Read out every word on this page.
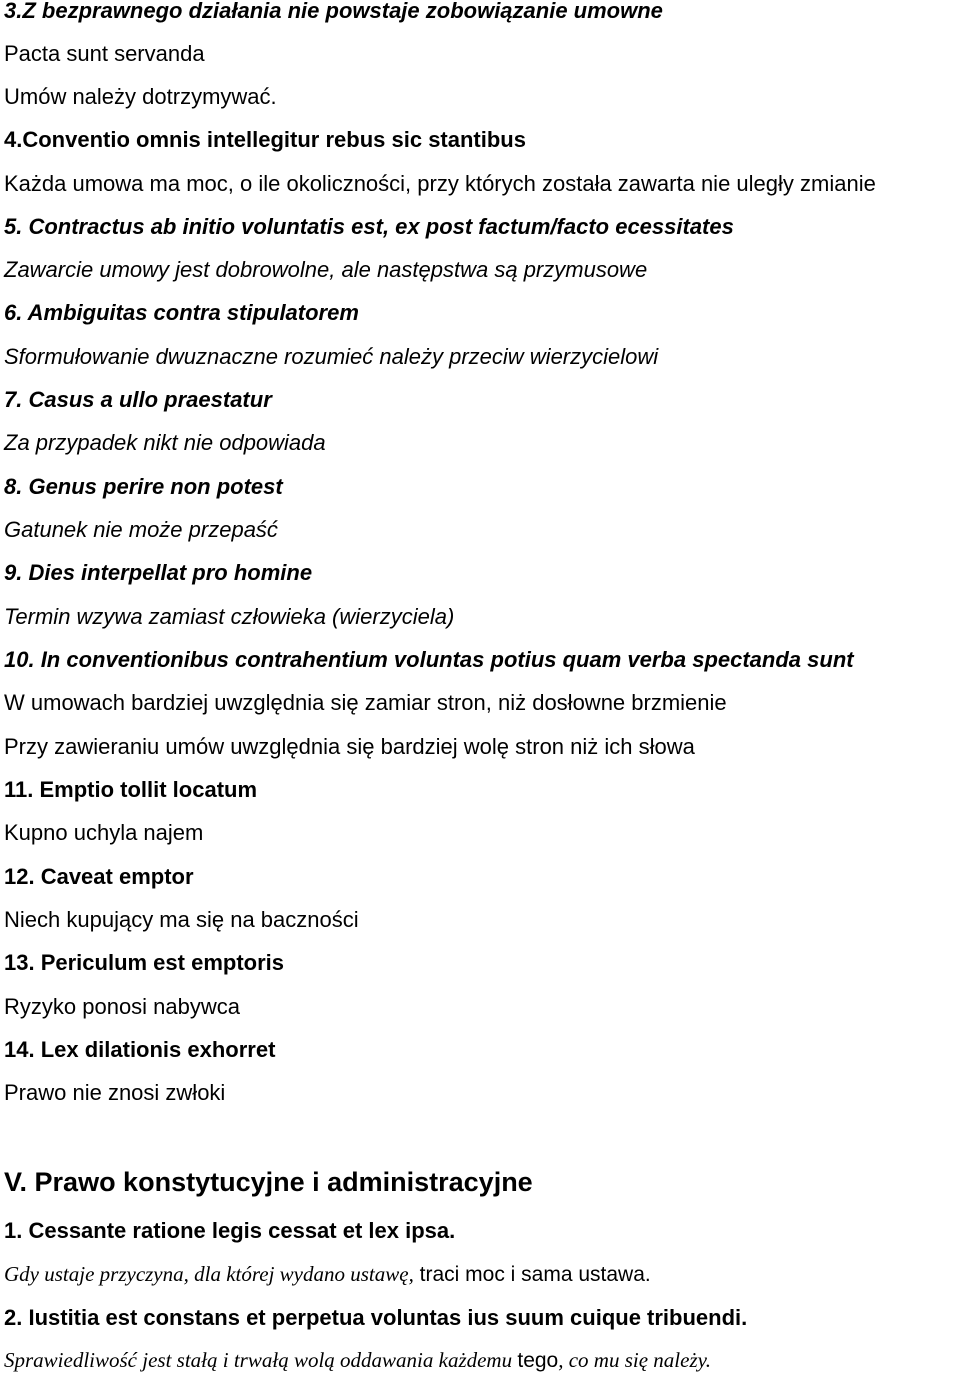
3.Z bezprawnego działania nie powstaje zobowiązanie umowne

Pacta sunt servanda

Umów należy dotrzymywać.

4.Conventio omnis intellegitur rebus sic stantibus

Każda umowa ma moc, o ile okoliczności, przy których została zawarta nie uległy zmianie

5. Contractus ab initio voluntatis est, ex post factum/facto ecessitates

Zawarcie umowy jest dobrowolne, ale następstwa są przymusowe

6. Ambiguitas contra stipulatorem

Sformułowanie dwuznaczne rozumieć należy przeciw wierzycielowi

7. Casus a ullo praestatur

Za przypadek nikt nie odpowiada

8. Genus perire non potest

Gatunek nie może przepaść

9. Dies interpellat pro homine

Termin wzywa zamiast człowieka (wierzyciela)

10. In conventionibus contrahentium voluntas potius quam verba spectanda sunt

W umowach bardziej uwzględnia się zamiar stron, niż dosłowne brzmienie

Przy zawieraniu umów uwzględnia się bardziej wolę stron niż ich słowa

11. Emptio tollit locatum

Kupno uchyla najem

12. Caveat emptor

Niech kupujący ma się na baczności

13. Periculum est emptoris

Ryzyko ponosi nabywca

14. Lex dilationis exhorret

Prawo nie znosi zwłoki

V. Prawo konstytucyjne i administracyjne

1. Cessante ratione legis cessat et lex ipsa.

Gdy ustaje przyczyna, dla której wydano ustawę, traci moc i sama ustawa.

2. Iustitia est constans et perpetua voluntas ius suum cuique tribuendi.

Sprawiedliwość jest stałą i trwałą wolą oddawania każdemu tego, co mu się należy.
